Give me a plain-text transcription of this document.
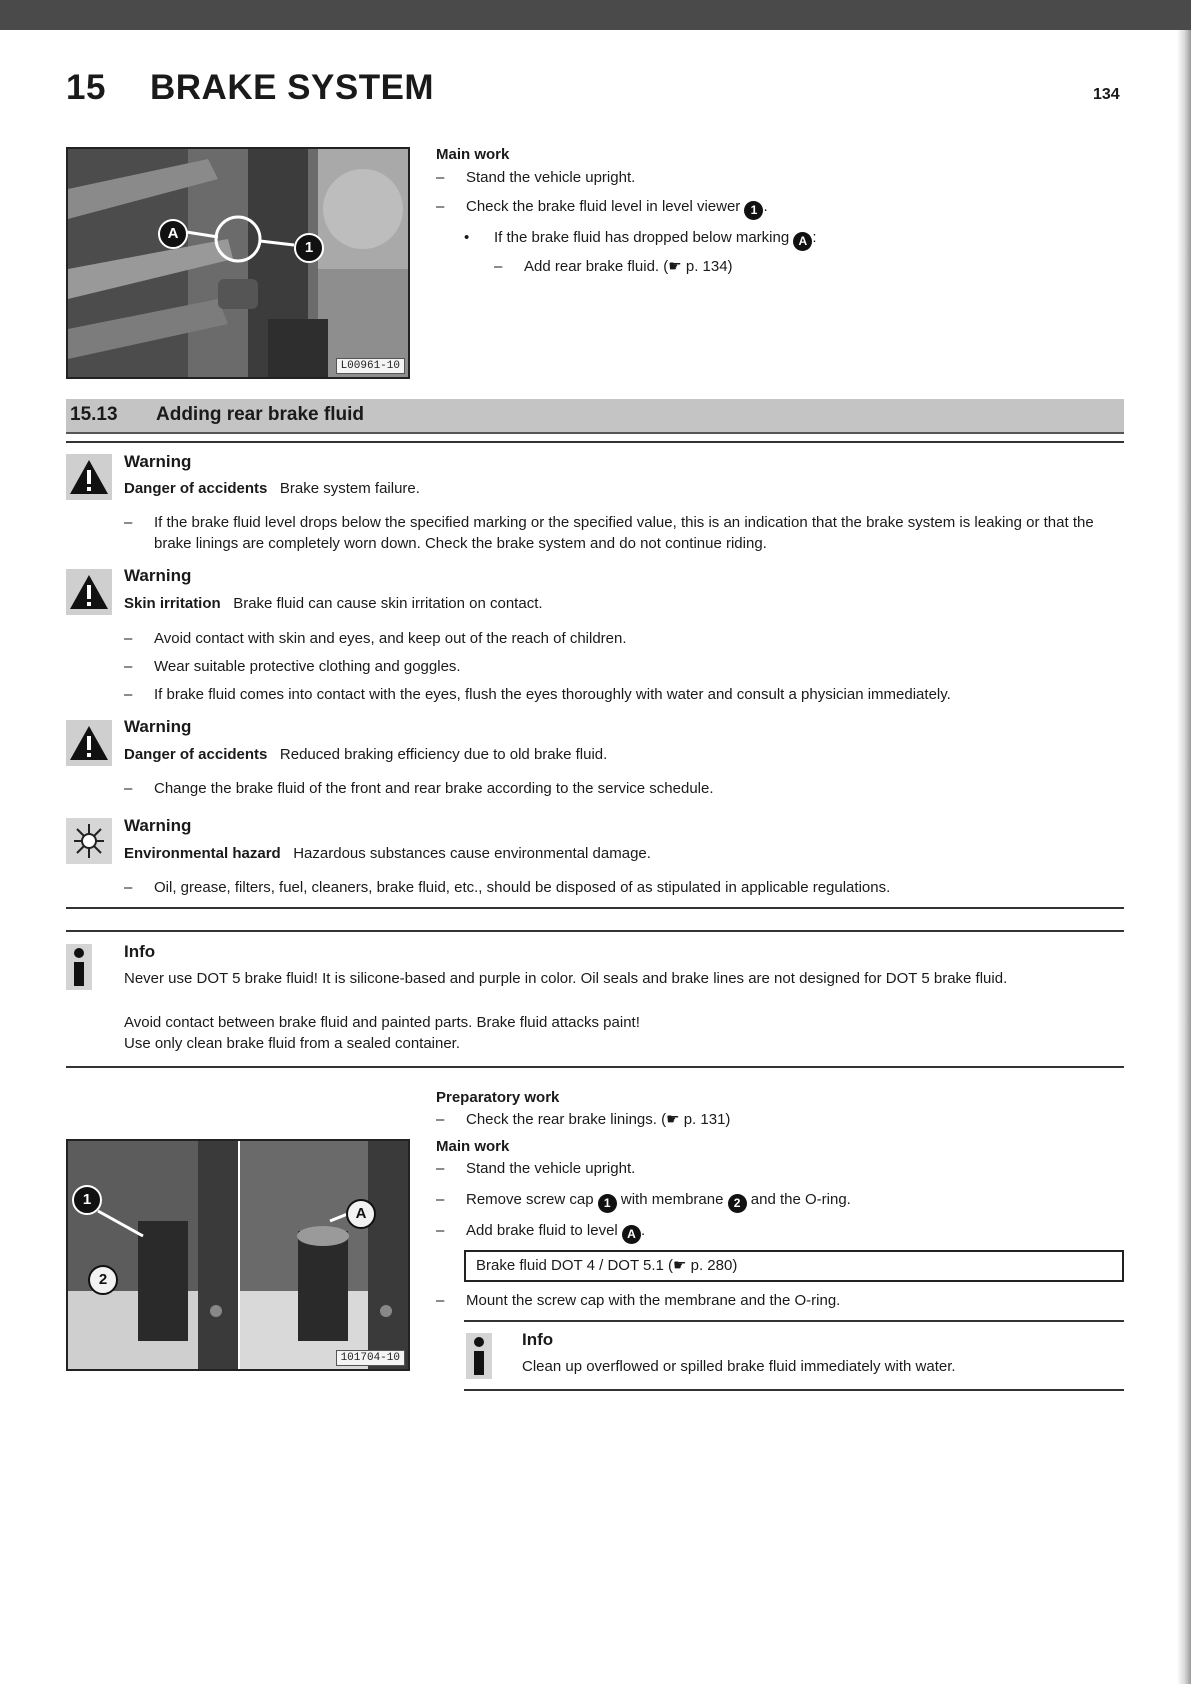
15 BRAKE SYSTEM	134
A
1
L00961-10
Main work
– Stand the vehicle upright.
– Check the brake fluid level in level viewer 1 .
• If the brake fluid has dropped below marking A :
– Add rear brake fluid. (☛ p. 134)
15.13 Adding rear brake fluid
Warning
Danger of accidents Brake system failure.
– If the brake fluid level drops below the specified marking or the specified value, this is an indication that the brake system is leaking or that the brake linings are completely worn down. Check the brake system and do not continue riding.
Warning
Skin irritation Brake fluid can cause skin irritation on contact.
– Avoid contact with skin and eyes, and keep out of the reach of children.
– Wear suitable protective clothing and goggles.
– If brake fluid comes into contact with the eyes, flush the eyes thoroughly with water and consult a physician immediately.
Warning
Danger of accidents Reduced braking efficiency due to old brake fluid.
– Change the brake fluid of the front and rear brake according to the service schedule.
Warning
Environmental hazard Hazardous substances cause environmental damage.
– Oil, grease, filters, fuel, cleaners, brake fluid, etc., should be disposed of as stipulated in applicable regulations.
Info
Never use DOT 5 brake fluid! It is silicone-based and purple in color. Oil seals and brake lines are not designed for DOT 5 brake fluid.
Avoid contact between brake fluid and painted parts. Brake fluid attacks paint!
Use only clean brake fluid from a sealed container.
1
2
A
101704-10
Preparatory work
– Check the rear brake linings. (☛ p. 131)
Main work
– Stand the vehicle upright.
– Remove screw cap 1 with membrane 2 and the O-ring.
– Add brake fluid to level A .
Brake fluid DOT 4 / DOT 5.1 (☛ p. 280)
– Mount the screw cap with the membrane and the O-ring.
Info
Clean up overflowed or spilled brake fluid immediately with water.
